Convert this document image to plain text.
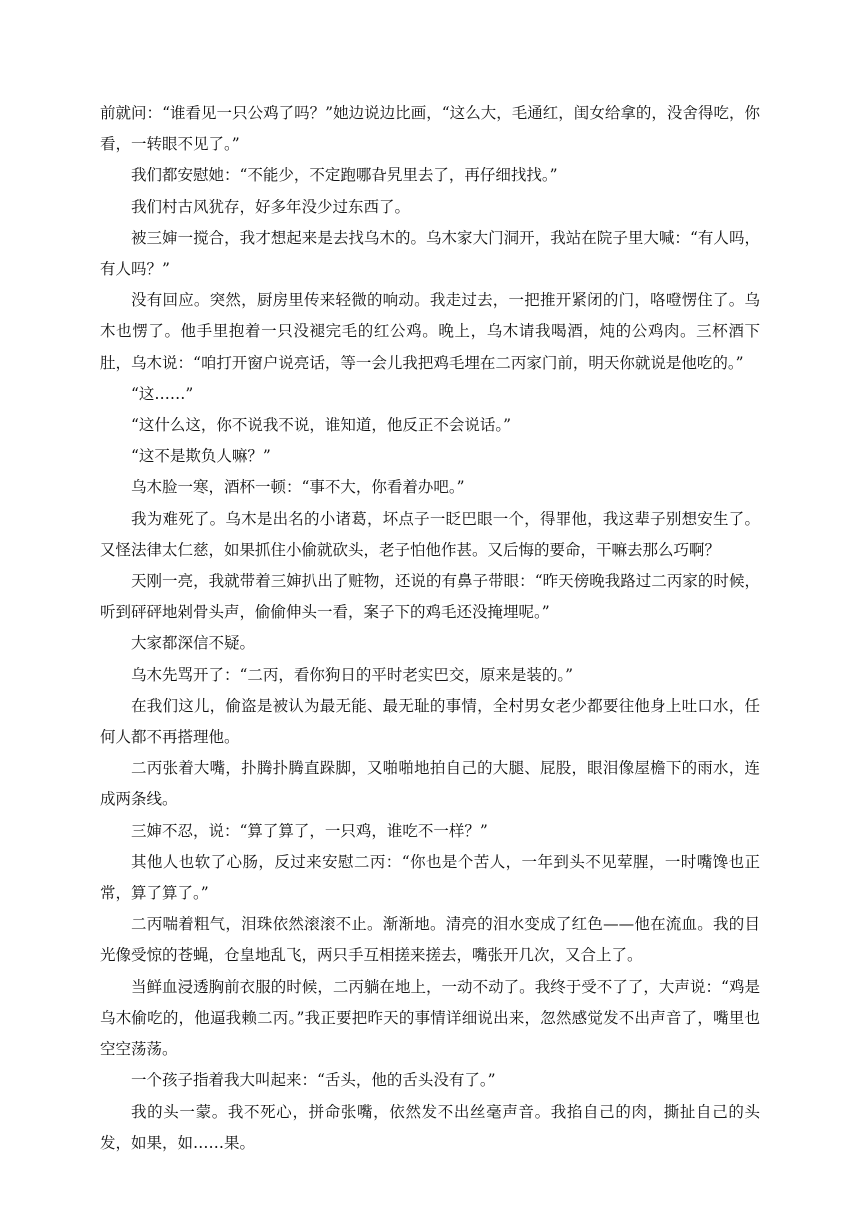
前就问：“谁看见一只公鸡了吗？”她边说边比画，“这么大，毛通红，闺女给拿的，没舍得吃，你看，一转眼不见了。”

我们都安慰她：“不能少，不定跑哪旮旯里去了，再仔细找找。”

我们村古风犹存，好多年没少过东西了。

被三婶一搅合，我才想起来是去找乌木的。乌木家大门洞开，我站在院子里大喊：“有人吗，有人吗？”

没有回应。突然，厨房里传来轻微的响动。我走过去，一把推开紧闭的门，咯噔愣住了。乌木也愣了。他手里抱着一只没褪完毛的红公鸡。晚上，乌木请我喝酒，炖的公鸡肉。三杯酒下肚，乌木说：“咱打开窗户说亮话，等一会儿我把鸡毛埋在二丙家门前，明天你就说是他吃的。”

“这……”

“这什么这，你不说我不说，谁知道，他反正不会说话。”

“这不是欺负人嘛？”

乌木脸一寒，酒杯一顿：“事不大，你看着办吧。”

我为难死了。乌木是出名的小诸葛，坏点子一眨巴眼一个，得罪他，我这辈子别想安生了。又怪法律太仁慈，如果抓住小偷就砍头，老子怕他作甚。又后悔的要命，干嘛去那么巧啊？

天刚一亮，我就带着三婶扒出了赃物，还说的有鼻子带眼：“昨天傍晚我路过二丙家的时候，听到砰砰地剁骨头声，偷偷伸头一看，案子下的鸡毛还没掩埋呢。”

大家都深信不疑。

乌木先骂开了：“二丙，看你狗日的平时老实巴交，原来是装的。”

在我们这儿，偷盗是被认为最无能、最无耻的事情，全村男女老少都要往他身上吐口水，任何人都不再搭理他。

二丙张着大嘴，扑腾扑腾直跺脚，又啪啪地拍自己的大腿、屁股，眼泪像屋檐下的雨水，连成两条线。

三婶不忍，说：“算了算了，一只鸡，谁吃不一样？”

其他人也软了心肠，反过来安慰二丙：“你也是个苦人，一年到头不见荤腥，一时嘴馋也正常，算了算了。”

二丙喘着粗气，泪珠依然滚滚不止。渐渐地。清亮的泪水变成了红色——他在流血。我的目光像受惊的苍蝇，仓皇地乱飞，两只手互相搓来搓去，嘴张开几次，又合上了。

当鲜血浸透胸前衣服的时候，二丙躺在地上，一动不动了。我终于受不了了，大声说：“鸡是乌木偷吃的，他逼我赖二丙。”我正要把昨天的事情详细说出来，忽然感觉发不出声音了，嘴里也空空荡荡。

一个孩子指着我大叫起来：“舌头，他的舌头没有了。”

我的头一蒙。我不死心，拼命张嘴，依然发不出丝毫声音。我掐自己的肉，撕扯自己的头发，如果，如……果。
